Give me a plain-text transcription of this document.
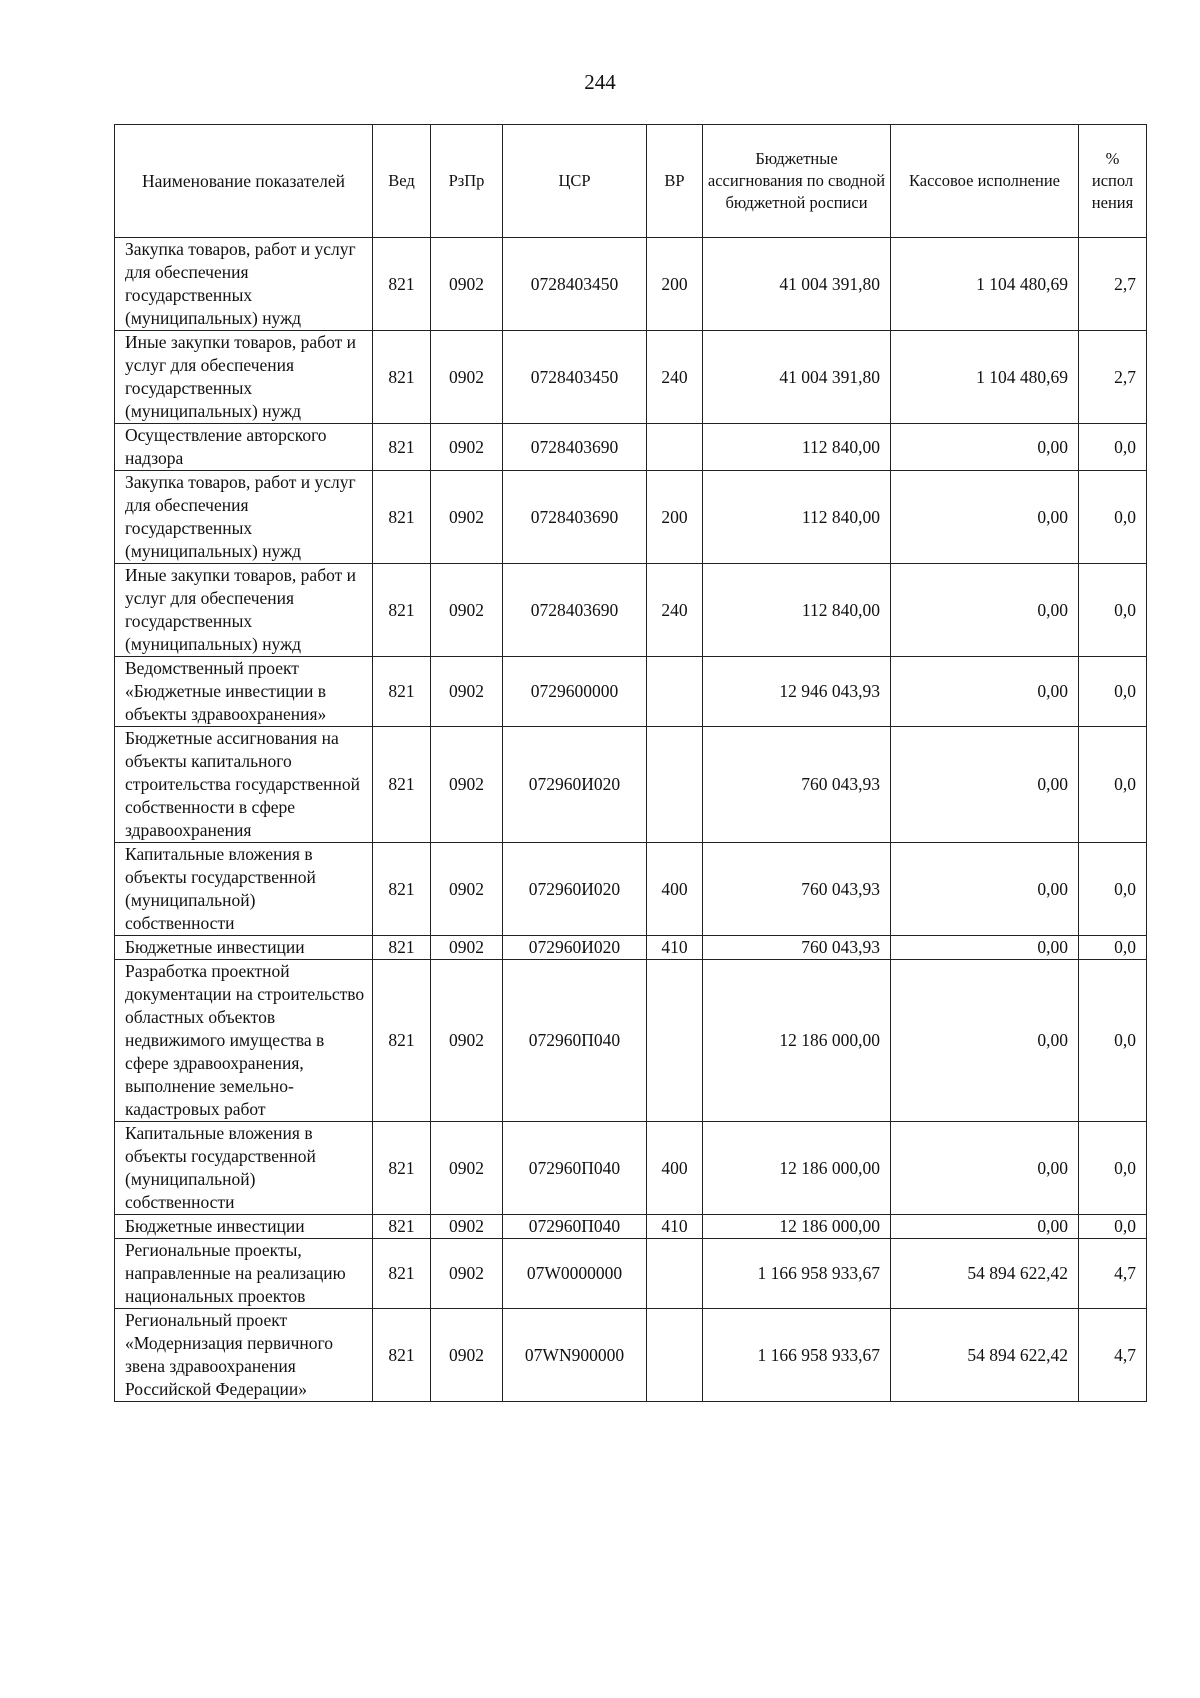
244
Наименование показателей	Вед	РзПр	ЦСР	ВР	Бюджетные ассигнования по сводной бюджетной росписи	Кассовое исполнение	% испол нения
Закупка товаров, работ и услуг для обеспечения государственных (муниципальных) нужд	821	0902	0728403450	200	41 004 391,80	1 104 480,69	2,7
Иные закупки товаров, работ и услуг для обеспечения государственных (муниципальных) нужд	821	0902	0728403450	240	41 004 391,80	1 104 480,69	2,7
Осуществление авторского надзора	821	0902	0728403690		112 840,00	0,00	0,0
Закупка товаров, работ и услуг для обеспечения государственных (муниципальных) нужд	821	0902	0728403690	200	112 840,00	0,00	0,0
Иные закупки товаров, работ и услуг для обеспечения государственных (муниципальных) нужд	821	0902	0728403690	240	112 840,00	0,00	0,0
Ведомственный проект «Бюджетные инвестиции в объекты здравоохранения»	821	0902	0729600000		12 946 043,93	0,00	0,0
Бюджетные ассигнования на объекты капитального строительства государственной собственности в сфере здравоохранения	821	0902	072960И020		760 043,93	0,00	0,0
Капитальные вложения в объекты государственной (муниципальной) собственности	821	0902	072960И020	400	760 043,93	0,00	0,0
Бюджетные инвестиции	821	0902	072960И020	410	760 043,93	0,00	0,0
Разработка проектной документации на строительство областных объектов недвижимого имущества в сфере здравоохранения, выполнение земельно-кадастровых работ	821	0902	072960П040		12 186 000,00	0,00	0,0
Капитальные вложения в объекты государственной (муниципальной) собственности	821	0902	072960П040	400	12 186 000,00	0,00	0,0
Бюджетные инвестиции	821	0902	072960П040	410	12 186 000,00	0,00	0,0
Региональные проекты, направленные на реализацию национальных проектов	821	0902	07W0000000		1 166 958 933,67	54 894 622,42	4,7
Региональный проект «Модернизация первичного звена здравоохранения Российской Федерации»	821	0902	07WN900000		1 166 958 933,67	54 894 622,42	4,7
